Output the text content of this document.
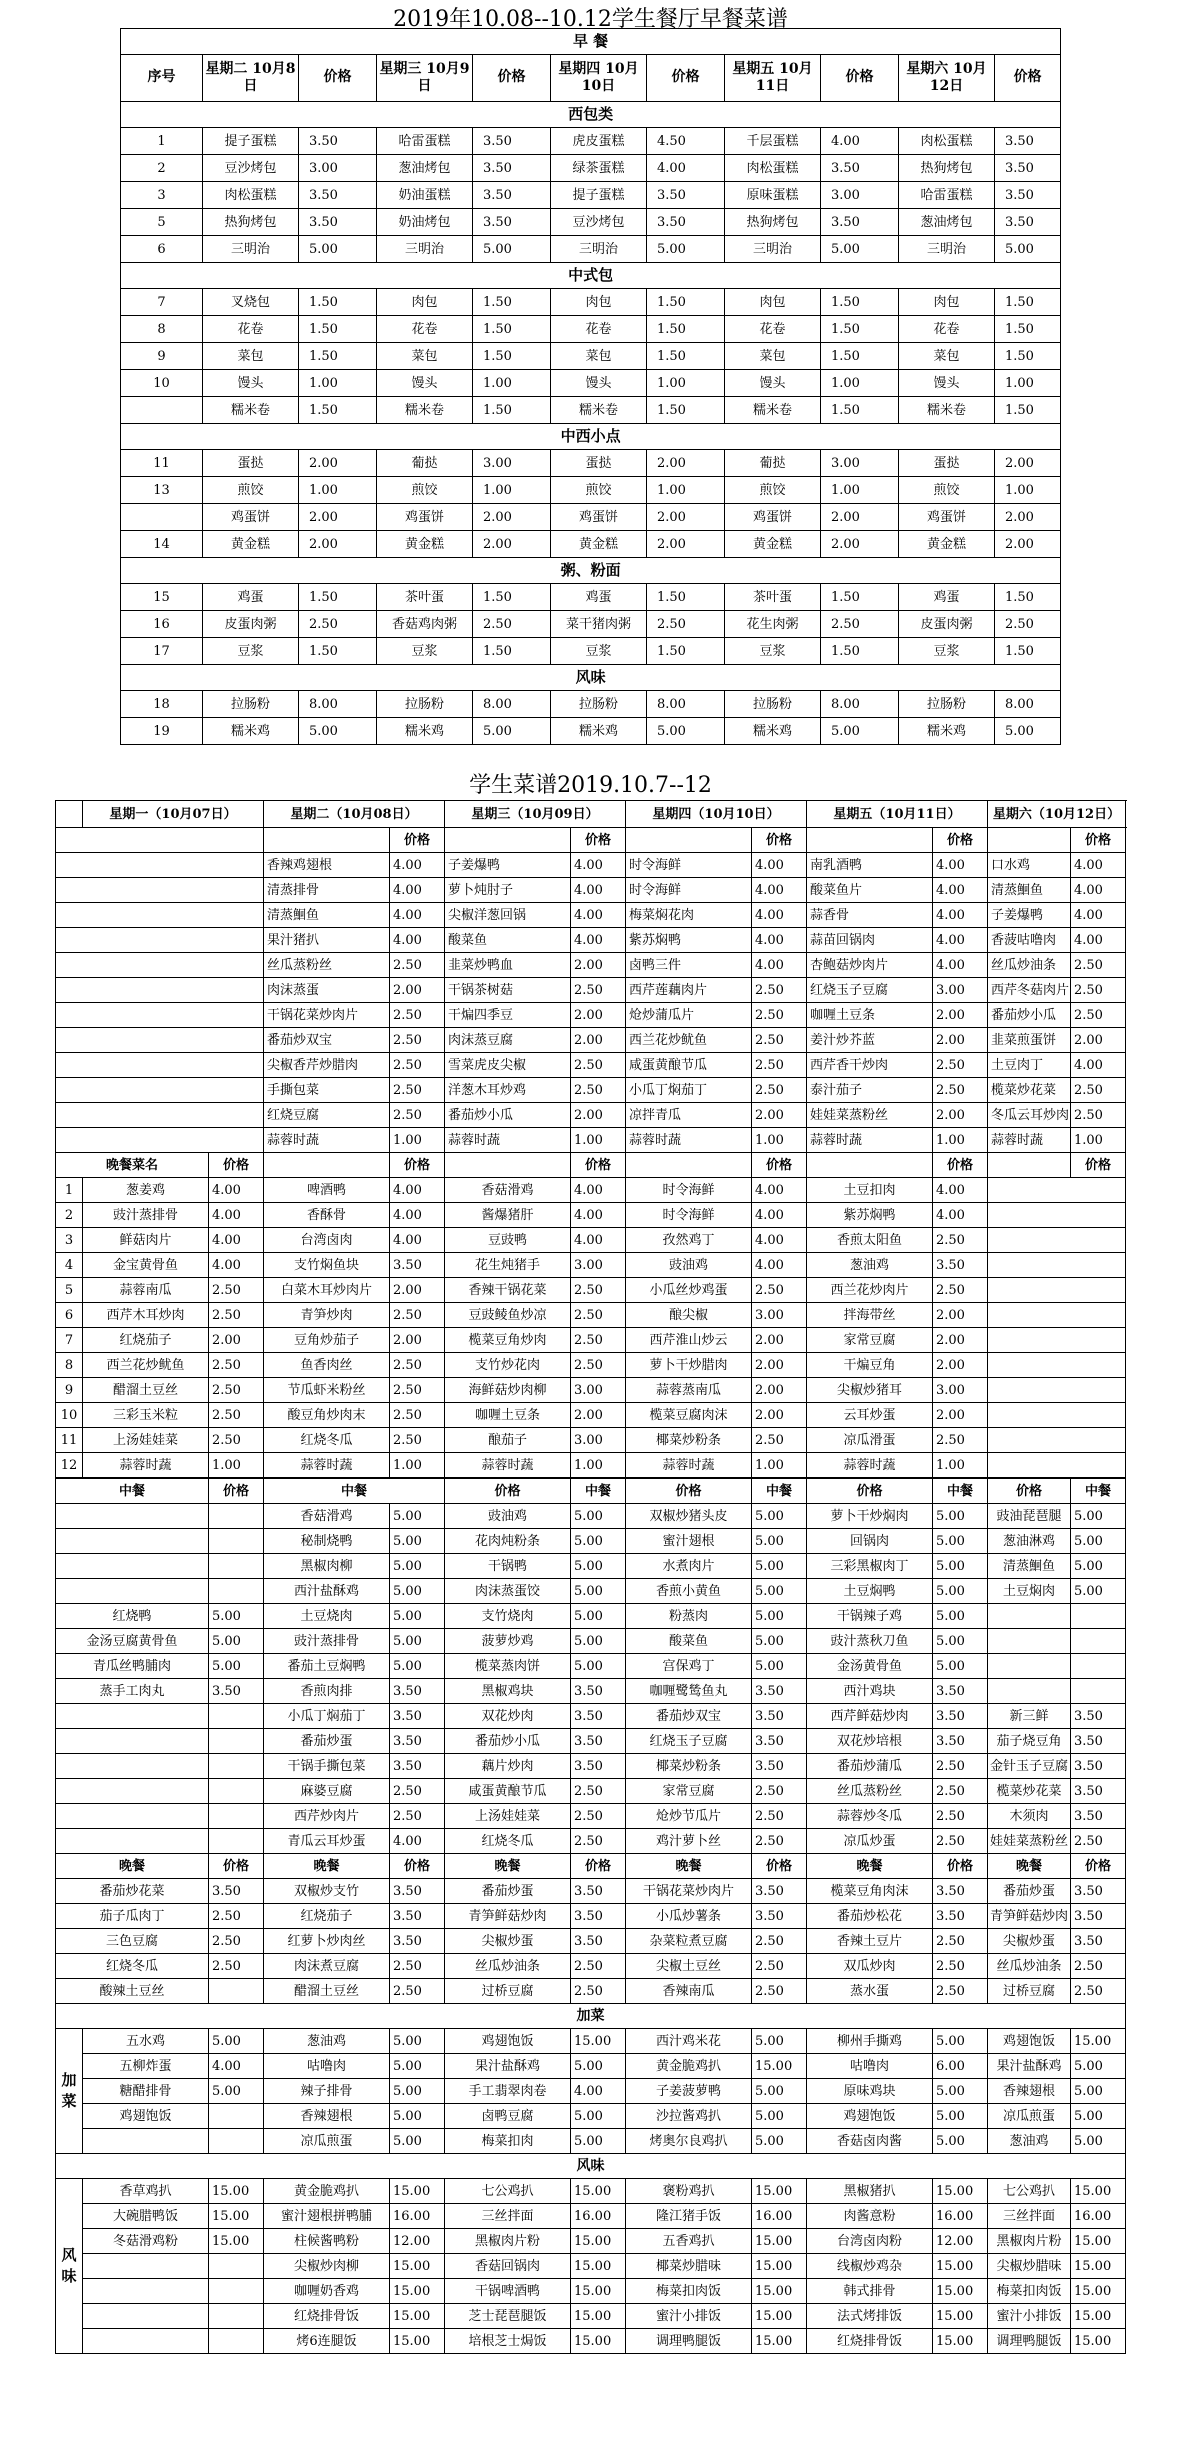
2019年10.08--10.12学生餐厅早餐菜谱
早 餐										
序号	星期二 10月8日	价格	星期三 10月9日	价格	星期四 10月10日	价格	星期五 10月11日	价格	星期六 10月12日	价格
西包类										
1	提子蛋糕	3.50	哈雷蛋糕	3.50	虎皮蛋糕	4.50	千层蛋糕	4.00	肉松蛋糕	3.50
2	豆沙烤包	3.00	葱油烤包	3.50	绿茶蛋糕	4.00	肉松蛋糕	3.50	热狗烤包	3.50
3	肉松蛋糕	3.50	奶油蛋糕	3.50	提子蛋糕	3.50	原味蛋糕	3.00	哈雷蛋糕	3.50
5	热狗烤包	3.50	奶油烤包	3.50	豆沙烤包	3.50	热狗烤包	3.50	葱油烤包	3.50
6	三明治	5.00	三明治	5.00	三明治	5.00	三明治	5.00	三明治	5.00
中式包										
7	叉烧包	1.50	肉包	1.50	肉包	1.50	肉包	1.50	肉包	1.50
8	花卷	1.50	花卷	1.50	花卷	1.50	花卷	1.50	花卷	1.50
9	菜包	1.50	菜包	1.50	菜包	1.50	菜包	1.50	菜包	1.50
10	馒头	1.00	馒头	1.00	馒头	1.00	馒头	1.00	馒头	1.00
	糯米卷	1.50	糯米卷	1.50	糯米卷	1.50	糯米卷	1.50	糯米卷	1.50
中西小点										
11	蛋挞	2.00	葡挞	3.00	蛋挞	2.00	葡挞	3.00	蛋挞	2.00
13	煎饺	1.00	煎饺	1.00	煎饺	1.00	煎饺	1.00	煎饺	1.00
	鸡蛋饼	2.00	鸡蛋饼	2.00	鸡蛋饼	2.00	鸡蛋饼	2.00	鸡蛋饼	2.00
14	黄金糕	2.00	黄金糕	2.00	黄金糕	2.00	黄金糕	2.00	黄金糕	2.00
粥、粉面										
15	鸡蛋	1.50	茶叶蛋	1.50	鸡蛋	1.50	茶叶蛋	1.50	鸡蛋	1.50
16	皮蛋肉粥	2.50	香菇鸡肉粥	2.50	菜干猪肉粥	2.50	花生肉粥	2.50	皮蛋肉粥	2.50
17	豆浆	1.50	豆浆	1.50	豆浆	1.50	豆浆	1.50	豆浆	1.50
风味										
18	拉肠粉	8.00	拉肠粉	8.00	拉肠粉	8.00	拉肠粉	8.00	拉肠粉	8.00
19	糯米鸡	5.00	糯米鸡	5.00	糯米鸡	5.00	糯米鸡	5.00	糯米鸡	5.00
学生菜谱2019.10.7--12
	星期一（10月07日）		星期二（10月08日）		星期三（10月09日）		星期四（10月10日）		星期五（10月11日）		星期六（10月12日）		
				价格		价格		价格		价格		价格	
			香辣鸡翅根	4.00	子姜爆鸭	4.00	时令海鲜	4.00	南乳酒鸭	4.00	口水鸡	4.00	
			清蒸排骨	4.00	萝卜炖肘子	4.00	时令海鲜	4.00	酸菜鱼片	4.00	清蒸鮰鱼	4.00	
			清蒸鮰鱼	4.00	尖椒洋葱回锅	4.00	梅菜焖花肉	4.00	蒜香骨	4.00	子姜爆鸭	4.00	
			果汁猪扒	4.00	酸菜鱼	4.00	紫苏焖鸭	4.00	蒜苗回锅肉	4.00	香菠咕噜肉	4.00	
			丝瓜蒸粉丝	2.50	韭菜炒鸭血	2.00	卤鸭三件	4.00	杏鲍菇炒肉片	4.00	丝瓜炒油条	2.50	
			肉沫蒸蛋	2.00	干锅茶树菇	2.50	西芹莲藕肉片	2.50	红烧玉子豆腐	3.00	西芹冬菇肉片	2.50	
			干锅花菜炒肉片	2.50	干煸四季豆	2.00	炝炒蒲瓜片	2.50	咖喱土豆条	2.00	番茄炒小瓜	2.50	
			番茄炒双宝	2.50	肉沫蒸豆腐	2.00	西兰花炒鱿鱼	2.50	姜汁炒芥蓝	2.00	韭菜煎蛋饼	2.00	
			尖椒香芹炒腊肉	2.50	雪菜虎皮尖椒	2.50	咸蛋黄酿节瓜	2.50	西芹香干炒肉	2.50	土豆肉丁	4.00	
			手撕包菜	2.50	洋葱木耳炒鸡	2.50	小瓜丁焖茄丁	2.50	泰汁茄子	2.50	榄菜炒花菜	2.50	
			红烧豆腐	2.50	番茄炒小瓜	2.00	凉拌青瓜	2.00	娃娃菜蒸粉丝	2.00	冬瓜云耳炒肉	2.50	
			蒜蓉时蔬	1.00	蒜蓉时蔬	1.00	蒜蓉时蔬	1.00	蒜蓉时蔬	1.00	蒜蓉时蔬	1.00	
晚餐菜名		价格		价格		价格		价格		价格		价格	
1	葱姜鸡	4.00	啤酒鸭	4.00	香菇滑鸡	4.00	时令海鲜	4.00	土豆扣肉	4.00			
2	豉汁蒸排骨	4.00	香酥骨	4.00	酱爆猪肝	4.00	时令海鲜	4.00	紫苏焖鸭	4.00			
3	鲜菇肉片	4.00	台湾卤肉	4.00	豆豉鸭	4.00	孜然鸡丁	4.00	香煎太阳鱼	2.50			
4	金宝黄骨鱼	4.00	支竹焖鱼块	3.50	花生炖猪手	3.00	豉油鸡	4.00	葱油鸡	3.50			
5	蒜蓉南瓜	2.50	白菜木耳炒肉片	2.00	香辣干锅花菜	2.50	小瓜丝炒鸡蛋	2.50	西兰花炒肉片	2.50			
6	西芹木耳炒肉	2.50	青笋炒肉	2.50	豆豉鲮鱼炒凉	2.50	酿尖椒	3.00	拌海带丝	2.00			
7	红烧茄子	2.00	豆角炒茄子	2.00	榄菜豆角炒肉	2.50	西芹淮山炒云	2.00	家常豆腐	2.00			
8	西兰花炒鱿鱼	2.50	鱼香肉丝	2.50	支竹炒花肉	2.50	萝卜干炒腊肉	2.00	干煸豆角	2.00			
9	醋溜土豆丝	2.50	节瓜虾米粉丝	2.50	海鲜菇炒肉柳	3.00	蒜蓉蒸南瓜	2.00	尖椒炒猪耳	3.00			
10	三彩玉米粒	2.50	酸豆角炒肉末	2.50	咖喱土豆条	2.00	榄菜豆腐肉沫	2.00	云耳炒蛋	2.00			
11	上汤娃娃菜	2.50	红烧冬瓜	2.50	酿茄子	3.00	椰菜炒粉条	2.50	凉瓜滑蛋	2.50			
12	蒜蓉时蔬	1.00	蒜蓉时蔬	1.00	蒜蓉时蔬	1.00	蒜蓉时蔬	1.00	蒜蓉时蔬	1.00			
中餐		价格	中餐		价格	中餐	价格	中餐	价格	中餐	价格	中餐	
			香菇滑鸡	5.00	豉油鸡	5.00	双椒炒猪头皮	5.00	萝卜干炒焖肉	5.00	豉油琵琶腿	5.00	
			秘制烧鸭	5.00	花肉炖粉条	5.00	蜜汁翅根	5.00	回锅肉	5.00	葱油淋鸡	5.00	
			黑椒肉柳	5.00	干锅鸭	5.00	水煮肉片	5.00	三彩黑椒肉丁	5.00	清蒸鮰鱼	5.00	
			西汁盐酥鸡	5.00	肉沫蒸蛋饺	5.00	香煎小黄鱼	5.00	土豆焖鸭	5.00	土豆焖肉	5.00	
红烧鸭		5.00	土豆烧肉	5.00	支竹烧肉	5.00	粉蒸肉	5.00	干锅辣子鸡	5.00			
金汤豆腐黄骨鱼		5.00	豉汁蒸排骨	5.00	菠萝炒鸡	5.00	酸菜鱼	5.00	豉汁蒸秋刀鱼	5.00			
青瓜丝鸭脯肉		5.00	番茄土豆焖鸭	5.00	榄菜蒸肉饼	5.00	宫保鸡丁	5.00	金汤黄骨鱼	5.00			
蒸手工肉丸		3.50	香煎肉排	3.50	黑椒鸡块	3.50	咖喱鹭鸶鱼丸	3.50	西汁鸡块	3.50			
			小瓜丁焖茄丁	3.50	双花炒肉	3.50	番茄炒双宝	3.50	西芹鲜菇炒肉	3.50	新三鲜	3.50	
			番茄炒蛋	3.50	番茄炒小瓜	3.50	红烧玉子豆腐	3.50	双花炒培根	3.50	茄子烧豆角	3.50	
			干锅手撕包菜	3.50	藕片炒肉	3.50	椰菜炒粉条	3.50	番茄炒蒲瓜	2.50	金针玉子豆腐	3.50	
			麻婆豆腐	2.50	咸蛋黄酿节瓜	2.50	家常豆腐	2.50	丝瓜蒸粉丝	2.50	榄菜炒花菜	3.50	
			西芹炒肉片	2.50	上汤娃娃菜	2.50	炝炒节瓜片	2.50	蒜蓉炒冬瓜	2.50	木须肉	3.50	
			青瓜云耳炒蛋	4.00	红烧冬瓜	2.50	鸡汁萝卜丝	2.50	凉瓜炒蛋	2.50	娃娃菜蒸粉丝	2.50	
晚餐		价格	晚餐	价格	晚餐	价格	晚餐	价格	晚餐	价格	晚餐	价格	
番茄炒花菜		3.50	双椒炒支竹	3.50	番茄炒蛋	3.50	干锅花菜炒肉片	3.50	榄菜豆角肉沫	3.50	番茄炒蛋	3.50	
茄子瓜肉丁		2.50	红烧茄子	3.50	青笋鲜菇炒肉	3.50	小瓜炒薯条	3.50	番茄炒松花	3.50	青笋鲜菇炒肉	3.50	
三色豆腐		2.50	红萝卜炒肉丝	3.50	尖椒炒蛋	3.50	杂菜粒煮豆腐	2.50	香辣土豆片	2.50	尖椒炒蛋	3.50	
红烧冬瓜		2.50	肉沫煮豆腐	2.50	丝瓜炒油条	2.50	尖椒土豆丝	2.50	双瓜炒肉	2.50	丝瓜炒油条	2.50	
酸辣土豆丝			醋溜土豆丝	2.50	过桥豆腐	2.50	香辣南瓜	2.50	蒸水蛋	2.50	过桥豆腐	2.50	
加菜													
加菜	五水鸡	5.00	葱油鸡	5.00	鸡翅饱饭	15.00	西汁鸡米花	5.00	柳州手撕鸡	5.00	鸡翅饱饭	15.00	
	五柳炸蛋	4.00	咕噜肉	5.00	果汁盐酥鸡	5.00	黄金脆鸡扒	15.00	咕噜肉	6.00	果汁盐酥鸡	5.00	
	糖醋排骨	5.00	辣子排骨	5.00	手工翡翠肉卷	4.00	子姜菠萝鸭	5.00	原味鸡块	5.00	香辣翅根	5.00	
	鸡翅饱饭		香辣翅根	5.00	卤鸭豆腐	5.00	沙拉酱鸡扒	5.00	鸡翅饱饭	5.00	凉瓜煎蛋	5.00	
			凉瓜煎蛋	5.00	梅菜扣肉	5.00	烤奥尔良鸡扒	5.00	香菇卤肉酱	5.00	葱油鸡	5.00	
风味													
风味	香草鸡扒	15.00	黄金脆鸡扒	15.00	七公鸡扒	15.00	褒粉鸡扒	15.00	黑椒猪扒	15.00	七公鸡扒	15.00	
	大碗腊鸭饭	15.00	蜜汁翅根拼鸭脯	16.00	三丝拌面	16.00	隆江猪手饭	16.00	肉酱意粉	16.00	三丝拌面	16.00	
	冬菇滑鸡粉	15.00	柱候酱鸭粉	12.00	黑椒肉片粉	15.00	五香鸡扒	15.00	台湾卤肉粉	12.00	黑椒肉片粉	15.00	
			尖椒炒肉柳	15.00	香菇回锅肉	15.00	椰菜炒腊味	15.00	线椒炒鸡杂	15.00	尖椒炒腊味	15.00	
			咖喱奶香鸡	15.00	干锅啤酒鸭	15.00	梅菜扣肉饭	15.00	韩式排骨	15.00	梅菜扣肉饭	15.00	
			红烧排骨饭	15.00	芝士琵琶腿饭	15.00	蜜汁小排饭	15.00	法式烤排饭	15.00	蜜汁小排饭	15.00	
			烤6连腿饭	15.00	培根芝士焗饭	15.00	调理鸭腿饭	15.00	红烧排骨饭	15.00	调理鸭腿饭	15.00	
